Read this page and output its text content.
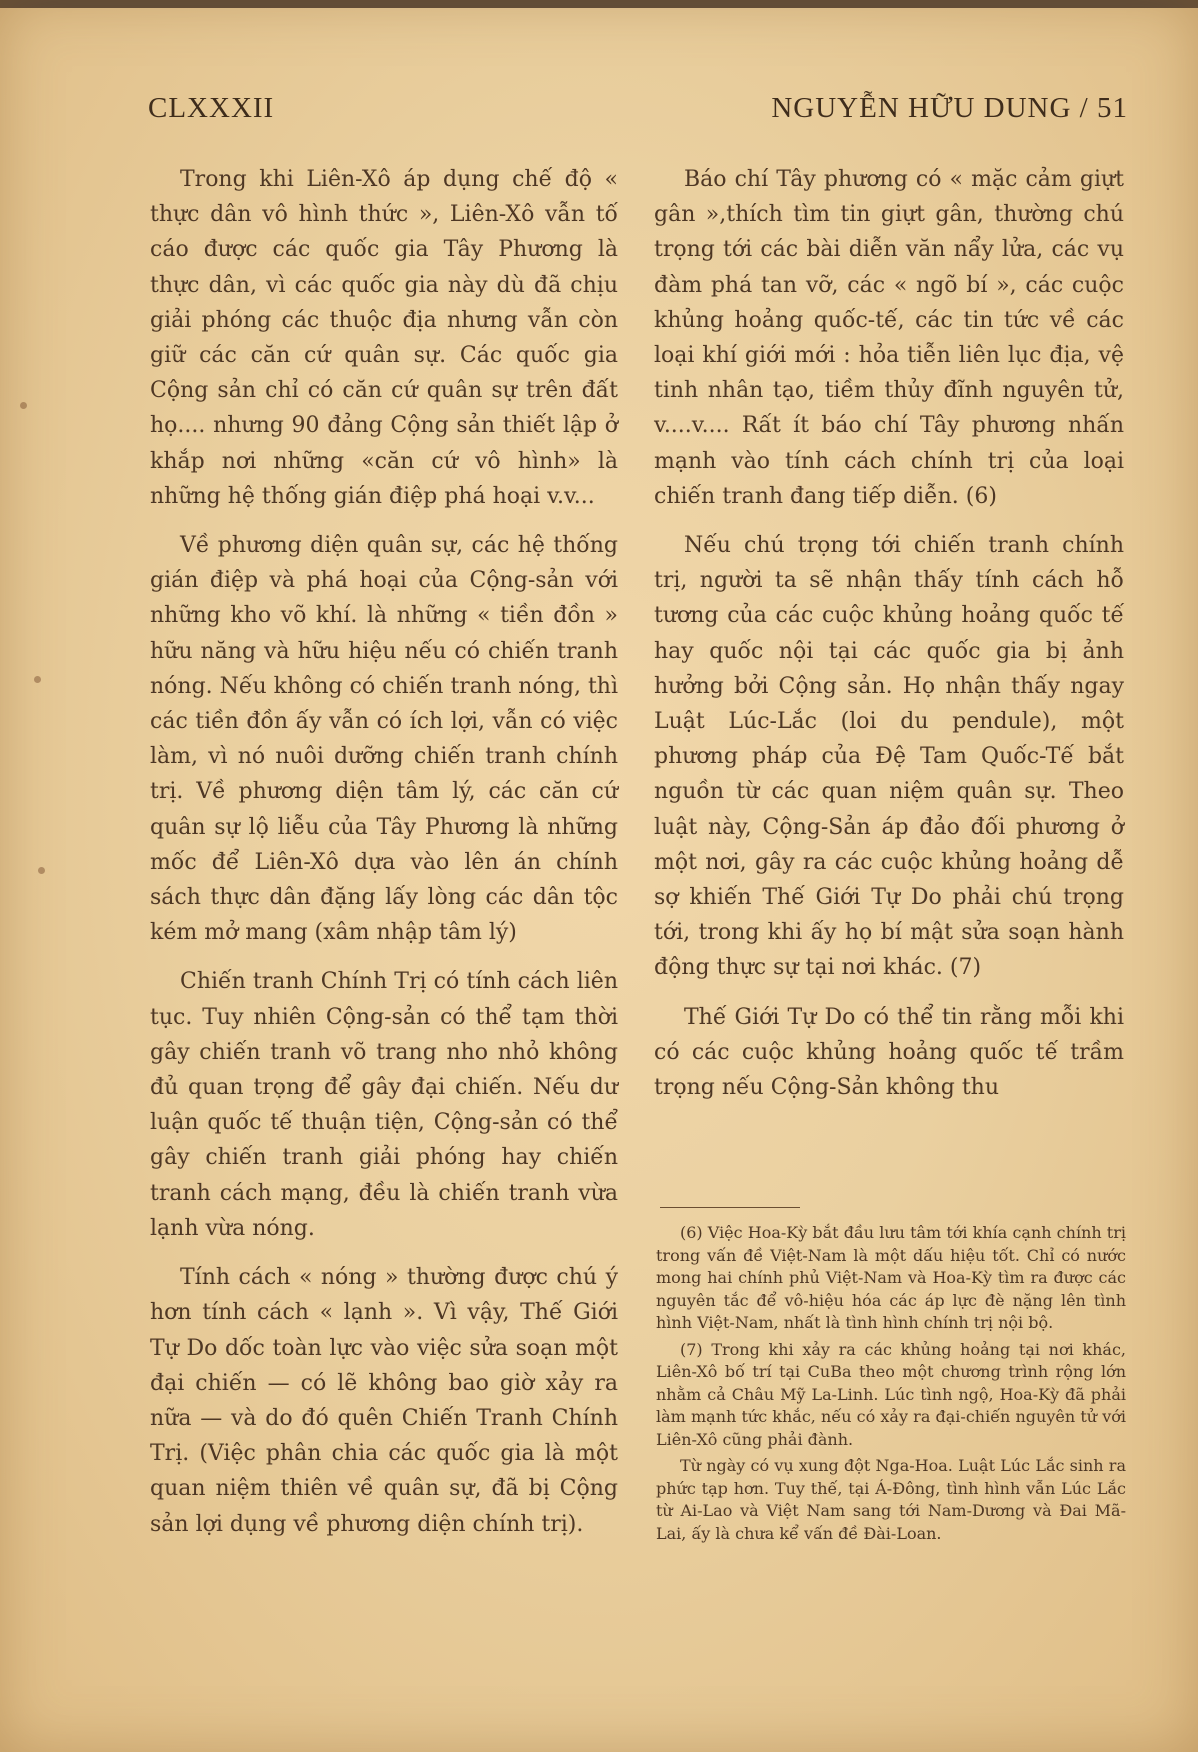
CLXXXII	NGUYỄN HỮU DUNG / 51

Trong khi Liên-Xô áp dụng chế độ « thực dân vô hình thức », Liên-Xô vẫn tố cáo được các quốc gia Tây Phương là thực dân, vì các quốc gia này dù đã chịu giải phóng các thuộc địa nhưng vẫn còn giữ các căn cứ quân sự. Các quốc gia Cộng sản chỉ có căn cứ quân sự trên đất họ.... nhưng 90 đảng Cộng sản thiết lập ở khắp nơi những «căn cứ vô hình» là những hệ thống gián điệp phá hoại v.v...

Về phương diện quân sự, các hệ thống gián điệp và phá hoại của Cộng-sản với những kho võ khí. là những « tiền đồn » hữu năng và hữu hiệu nếu có chiến tranh nóng. Nếu không có chiến tranh nóng, thì các tiền đồn ấy vẫn có ích lợi, vẫn có việc làm, vì nó nuôi dưỡng chiến tranh chính trị. Về phương diện tâm lý, các căn cứ quân sự lộ liễu của Tây Phương là những mốc để Liên-Xô dựa vào lên án chính sách thực dân đặng lấy lòng các dân tộc kém mở mang (xâm nhập tâm lý)

Chiến tranh Chính Trị có tính cách liên tục. Tuy nhiên Cộng-sản có thể tạm thời gây chiến tranh võ trang nho nhỏ không đủ quan trọng để gây đại chiến. Nếu dư luận quốc tế thuận tiện, Cộng-sản có thể gây chiến tranh giải phóng hay chiến tranh cách mạng, đều là chiến tranh vừa lạnh vừa nóng.

Tính cách « nóng » thường được chú ý hơn tính cách « lạnh ». Vì vậy, Thế Giới Tự Do dốc toàn lực vào việc sửa soạn một đại chiến — có lẽ không bao giờ xảy ra nữa — và do đó quên Chiến Tranh Chính Trị. (Việc phân chia các quốc gia là một quan niệm thiên về quân sự, đã bị Cộng sản lợi dụng về phương diện chính trị).

Báo chí Tây phương có « mặc cảm giựt gân »,thích tìm tin giựt gân, thường chú trọng tới các bài diễn văn nẩy lửa, các vụ đàm phá tan vỡ, các « ngõ bí », các cuộc khủng hoảng quốc-tế, các tin tức về các loại khí giới mới : hỏa tiễn liên lục địa, vệ tinh nhân tạo, tiềm thủy đĩnh nguyên tử, v....v.... Rất ít báo chí Tây phương nhấn mạnh vào tính cách chính trị của loại chiến tranh đang tiếp diễn. (6)

Nếu chú trọng tới chiến tranh chính trị, người ta sẽ nhận thấy tính cách hỗ tương của các cuộc khủng hoảng quốc tế hay quốc nội tại các quốc gia bị ảnh hưởng bởi Cộng sản. Họ nhận thấy ngay Luật Lúc-Lắc (loi du pendule), một phương pháp của Đệ Tam Quốc-Tế bắt nguồn từ các quan niệm quân sự. Theo luật này, Cộng-Sản áp đảo đối phương ở một nơi, gây ra các cuộc khủng hoảng dễ sợ khiến Thế Giới Tự Do phải chú trọng tới, trong khi ấy họ bí mật sửa soạn hành động thực sự tại nơi khác. (7)

Thế Giới Tự Do có thể tin rằng mỗi khi có các cuộc khủng hoảng quốc tế trầm trọng nếu Cộng-Sản không thu

(6) Việc Hoa-Kỳ bắt đầu lưu tâm tới khía cạnh chính trị trong vấn đề Việt-Nam là một dấu hiệu tốt. Chỉ có nước mong hai chính phủ Việt-Nam và Hoa-Kỳ tìm ra được các nguyên tắc để vô-hiệu hóa các áp lực đè nặng lên tình hình Việt-Nam, nhất là tình hình chính trị nội bộ.

(7) Trong khi xảy ra các khủng hoảng tại nơi khác, Liên-Xô bố trí tại CuBa theo một chương trình rộng lớn nhằm cả Châu Mỹ La-Linh. Lúc tình ngộ, Hoa-Kỳ đã phải làm mạnh tức khắc, nếu có xảy ra đại-chiến nguyên tử với Liên-Xô cũng phải đành.

Từ ngày có vụ xung đột Nga-Hoa. Luật Lúc Lắc sinh ra phức tạp hơn. Tuy thế, tại Á-Đông, tình hình vẫn Lúc Lắc từ Ai-Lao và Việt Nam sang tới Nam-Dương và Đai Mã-Lai, ấy là chưa kể vấn đề Đài-Loan.
